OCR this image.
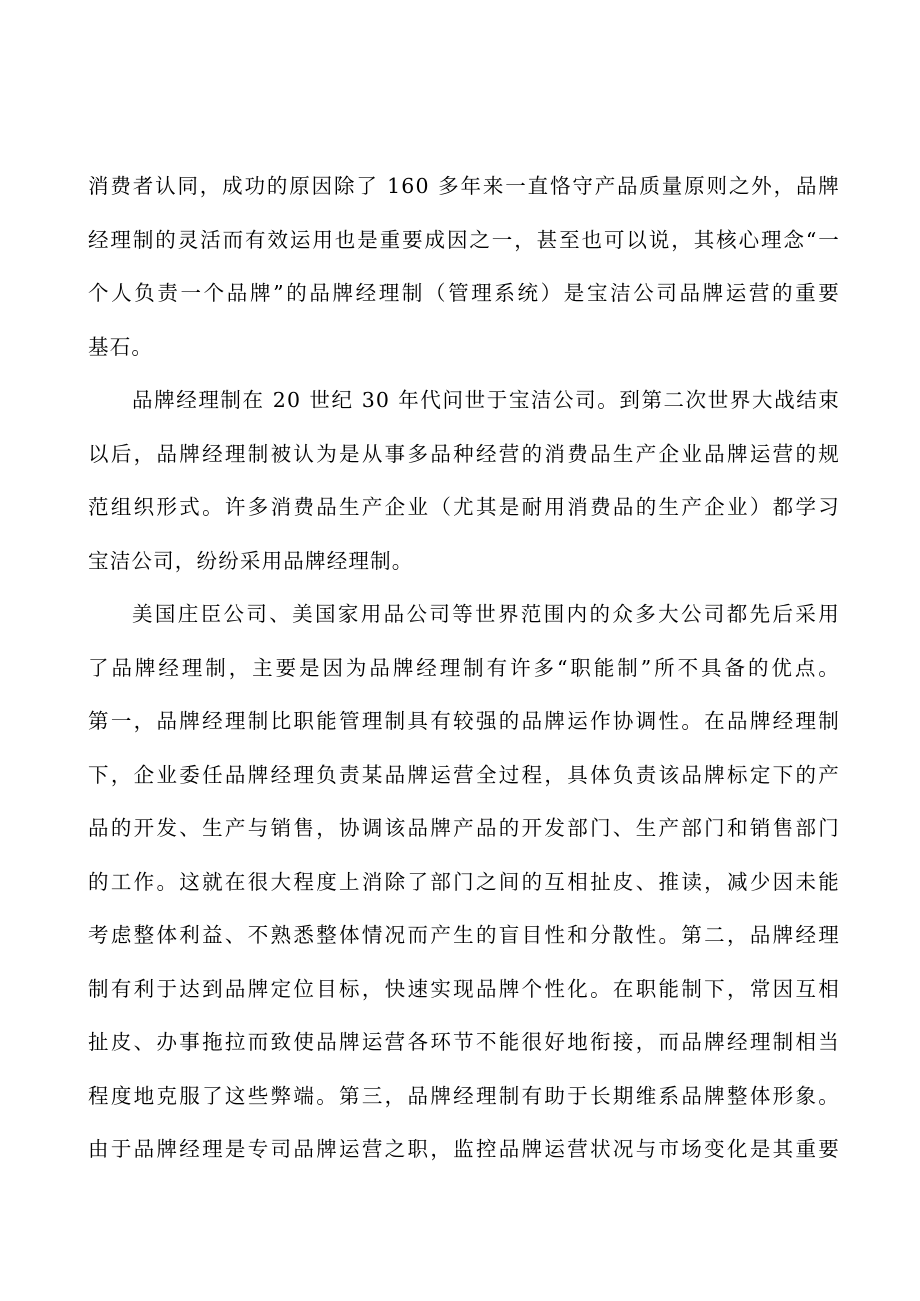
消费者认同，成功的原因除了 160 多年来一直恪守产品质量原则之外，品牌
经理制的灵活而有效运用也是重要成因之一，甚至也可以说，其核心理念“一
个人负责一个品牌”的品牌经理制（管理系统）是宝洁公司品牌运营的重要
基石。
品牌经理制在 20 世纪 30 年代问世于宝洁公司。到第二次世界大战结束
以后，品牌经理制被认为是从事多品种经营的消费品生产企业品牌运营的规
范组织形式。许多消费品生产企业（尤其是耐用消费品的生产企业）都学习
宝洁公司，纷纷采用品牌经理制。
美国庄臣公司、美国家用品公司等世界范围内的众多大公司都先后采用
了品牌经理制，主要是因为品牌经理制有许多“职能制”所不具备的优点。
第一，品牌经理制比职能管理制具有较强的品牌运作协调性。在品牌经理制
下，企业委任品牌经理负责某品牌运营全过程，具体负责该品牌标定下的产
品的开发、生产与销售，协调该品牌产品的开发部门、生产部门和销售部门
的工作。这就在很大程度上消除了部门之间的互相扯皮、推读，减少因未能
考虑整体利益、不熟悉整体情况而产生的盲目性和分散性。第二，品牌经理
制有利于达到品牌定位目标，快速实现品牌个性化。在职能制下，常因互相
扯皮、办事拖拉而致使品牌运营各环节不能很好地衔接，而品牌经理制相当
程度地克服了这些弊端。第三，品牌经理制有助于长期维系品牌整体形象。
由于品牌经理是专司品牌运营之职，监控品牌运营状况与市场变化是其重要
